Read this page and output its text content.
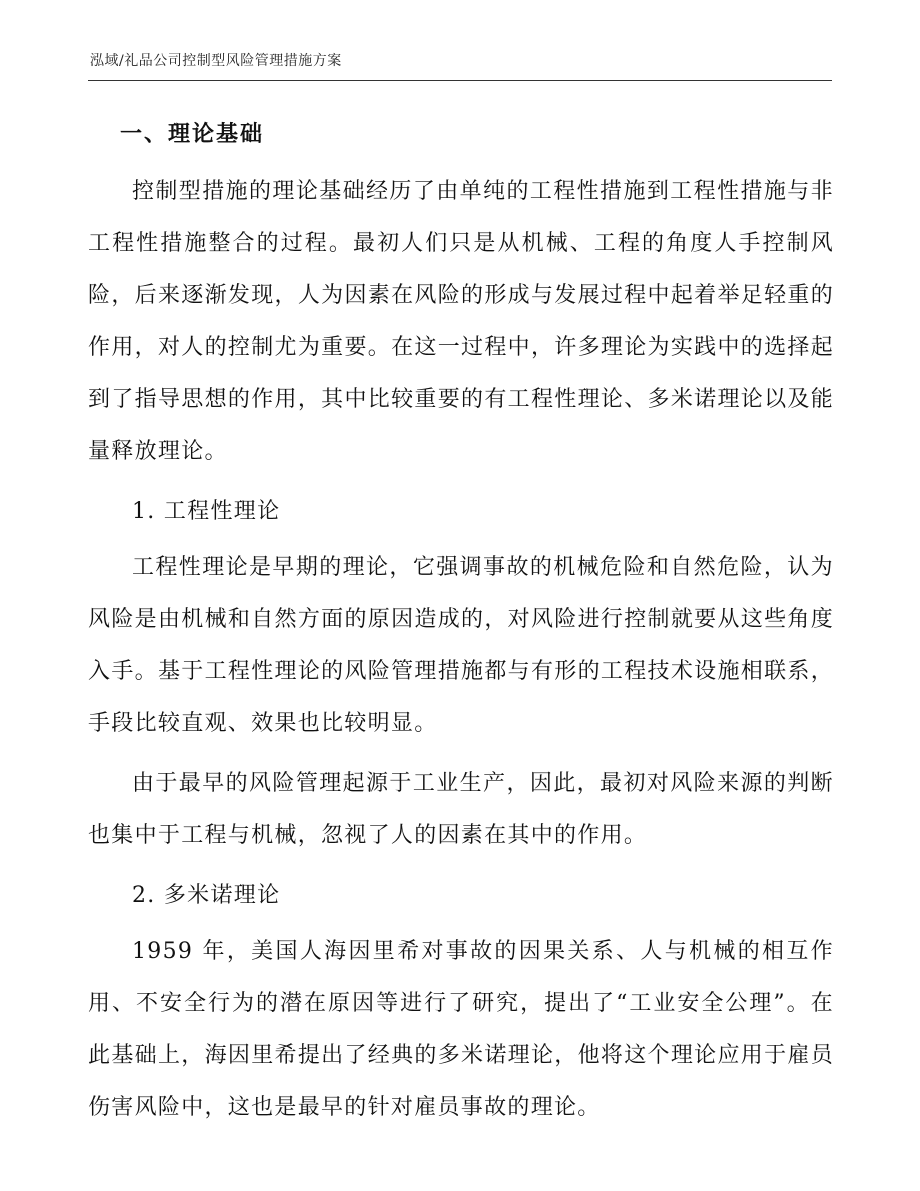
泓域/礼品公司控制型风险管理措施方案
一、理论基础

控制型措施的理论基础经历了由单纯的工程性措施到工程性措施与非工程性措施整合的过程。最初人们只是从机械、工程的角度人手控制风险，后来逐渐发现，人为因素在风险的形成与发展过程中起着举足轻重的作用，对人的控制尤为重要。在这一过程中，许多理论为实践中的选择起到了指导思想的作用，其中比较重要的有工程性理论、多米诺理论以及能量释放理论。

1. 工程性理论

工程性理论是早期的理论，它强调事故的机械危险和自然危险，认为风险是由机械和自然方面的原因造成的，对风险进行控制就要从这些角度入手。基于工程性理论的风险管理措施都与有形的工程技术设施相联系，手段比较直观、效果也比较明显。

由于最早的风险管理起源于工业生产，因此，最初对风险来源的判断也集中于工程与机械，忽视了人的因素在其中的作用。

2. 多米诺理论

1959 年，美国人海因里希对事故的因果关系、人与机械的相互作用、不安全行为的潜在原因等进行了研究，提出了“工业安全公理”。在此基础上，海因里希提出了经典的多米诺理论，他将这个理论应用于雇员伤害风险中，这也是最早的针对雇员事故的理论。
